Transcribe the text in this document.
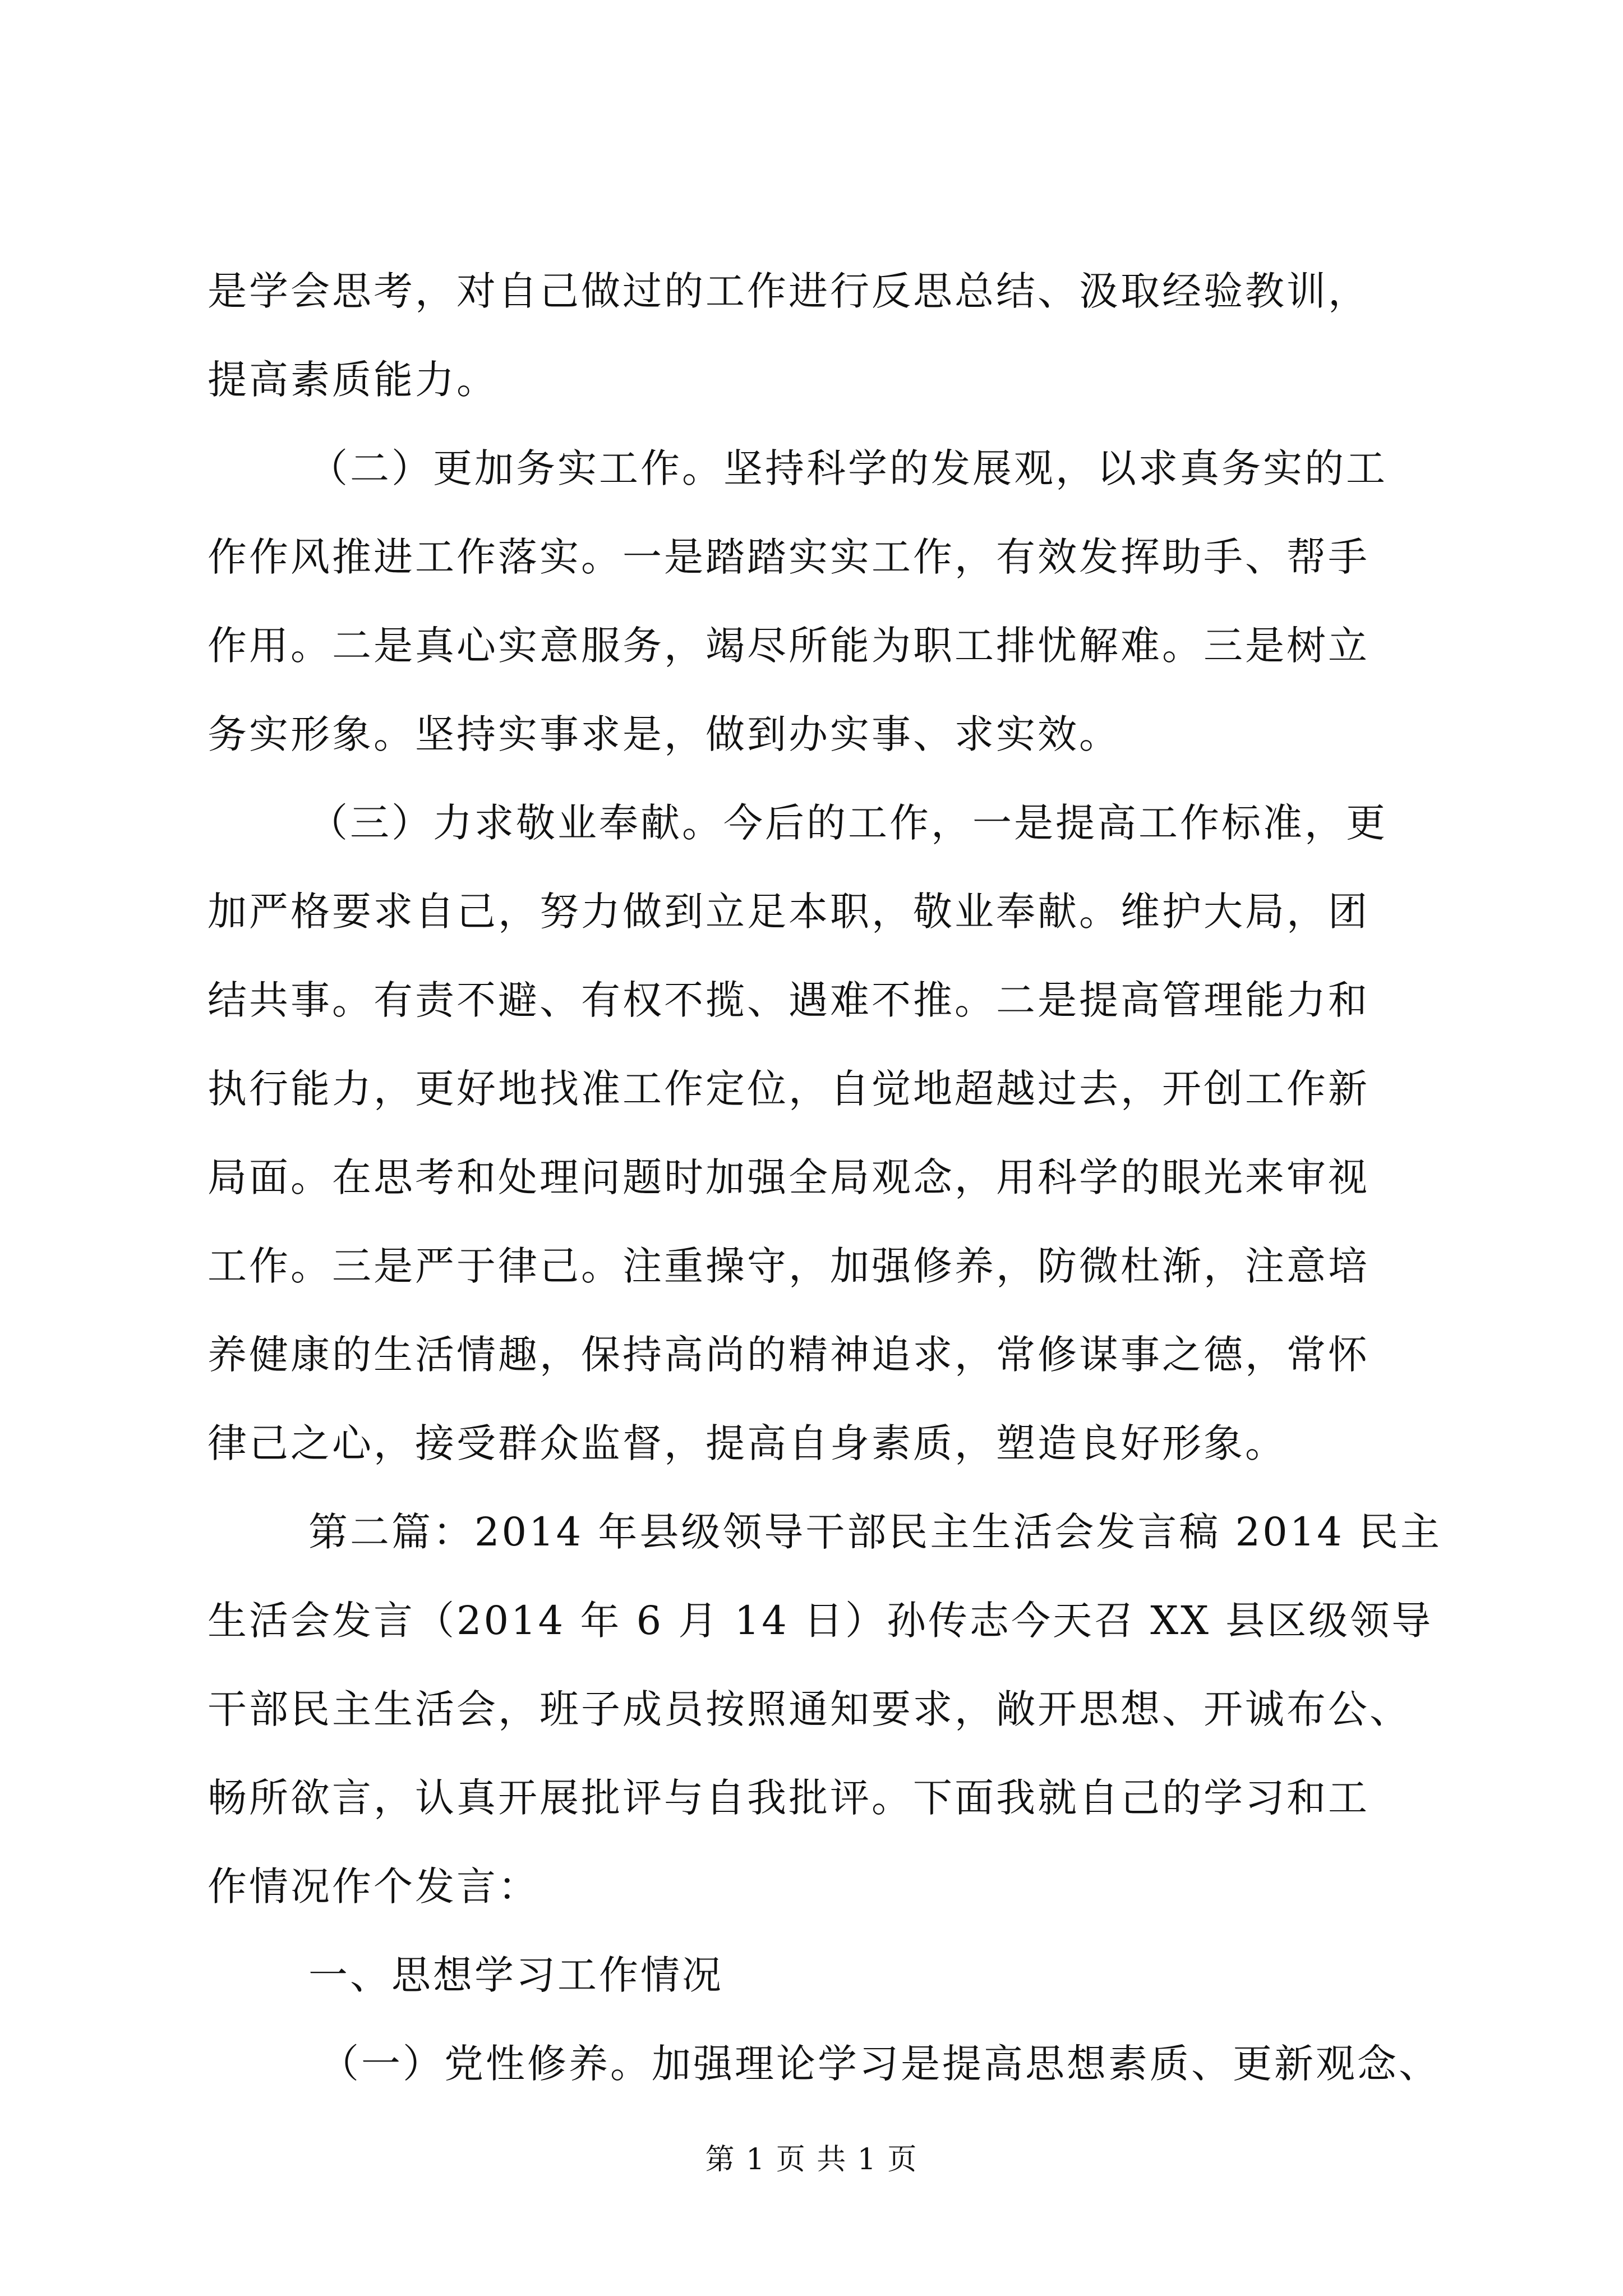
是学会思考，对自己做过的工作进行反思总结、汲取经验教训，
提高素质能力。
（二）更加务实工作。坚持科学的发展观，以求真务实的工
作作风推进工作落实。一是踏踏实实工作，有效发挥助手、帮手
作用。二是真心实意服务，竭尽所能为职工排忧解难。三是树立
务实形象。坚持实事求是，做到办实事、求实效。
（三）力求敬业奉献。今后的工作，一是提高工作标准，更
加严格要求自己，努力做到立足本职，敬业奉献。维护大局，团
结共事。有责不避、有权不揽、遇难不推。二是提高管理能力和
执行能力，更好地找准工作定位，自觉地超越过去，开创工作新
局面。在思考和处理问题时加强全局观念，用科学的眼光来审视
工作。三是严于律己。注重操守，加强修养，防微杜渐，注意培
养健康的生活情趣，保持高尚的精神追求，常修谋事之德，常怀
律己之心，接受群众监督，提高自身素质，塑造良好形象。
第二篇：2014 年县级领导干部民主生活会发言稿 2014 民主
生活会发言（2014 年 6 月 14 日）孙传志今天召 XX 县区级领导
干部民主生活会，班子成员按照通知要求，敞开思想、开诚布公、
畅所欲言，认真开展批评与自我批评。下面我就自己的学习和工
作情况作个发言：
一、思想学习工作情况
（一）党性修养。加强理论学习是提高思想素质、更新观念、
第 1 页 共 1 页
